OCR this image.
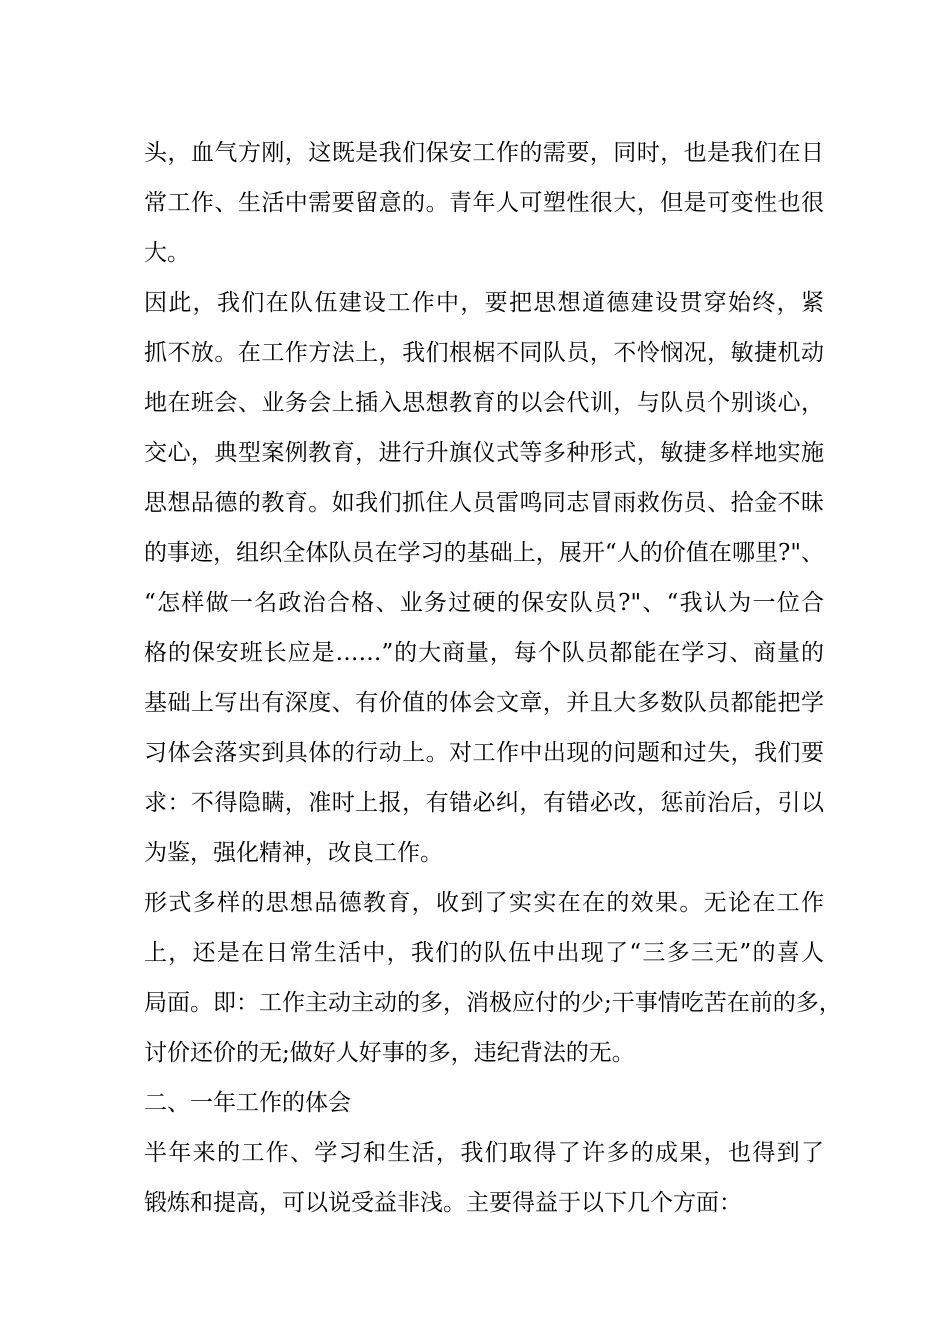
头，血气方刚，这既是我们保安工作的需要，同时，也是我们在日
常工作、生活中需要留意的。青年人可塑性很大，但是可变性也很
大。
因此，我们在队伍建设工作中，要把思想道德建设贯穿始终，紧
抓不放。在工作方法上，我们根椐不同队员，不怜悯况，敏捷机动
地在班会、业务会上插入思想教育的以会代训，与队员个别谈心，
交心，典型案例教育，进行升旗仪式等多种形式，敏捷多样地实施
思想品德的教育。如我们抓住人员雷鸣同志冒雨救伤员、拾金不昧
的事迹，组织全体队员在学习的基础上，展开“人的价值在哪里?"、
“怎样做一名政治合格、业务过硬的保安队员?"、“我认为一位合
格的保安班长应是……”的大商量，每个队员都能在学习、商量的
基础上写出有深度、有价值的体会文章，并且大多数队员都能把学
习体会落实到具体的行动上。对工作中出现的问题和过失，我们要
求：不得隐瞒，准时上报，有错必纠，有错必改，惩前治后，引以
为鉴，强化精神，改良工作。
形式多样的思想品德教育，收到了实实在在的效果。无论在工作
上，还是在日常生活中，我们的队伍中出现了“三多三无”的喜人
局面。即：工作主动主动的多，消极应付的少;干事情吃苦在前的多，
讨价还价的无;做好人好事的多，违纪背法的无。
二、一年工作的体会
半年来的工作、学习和生活，我们取得了许多的成果，也得到了
锻炼和提高，可以说受益非浅。主要得益于以下几个方面：
